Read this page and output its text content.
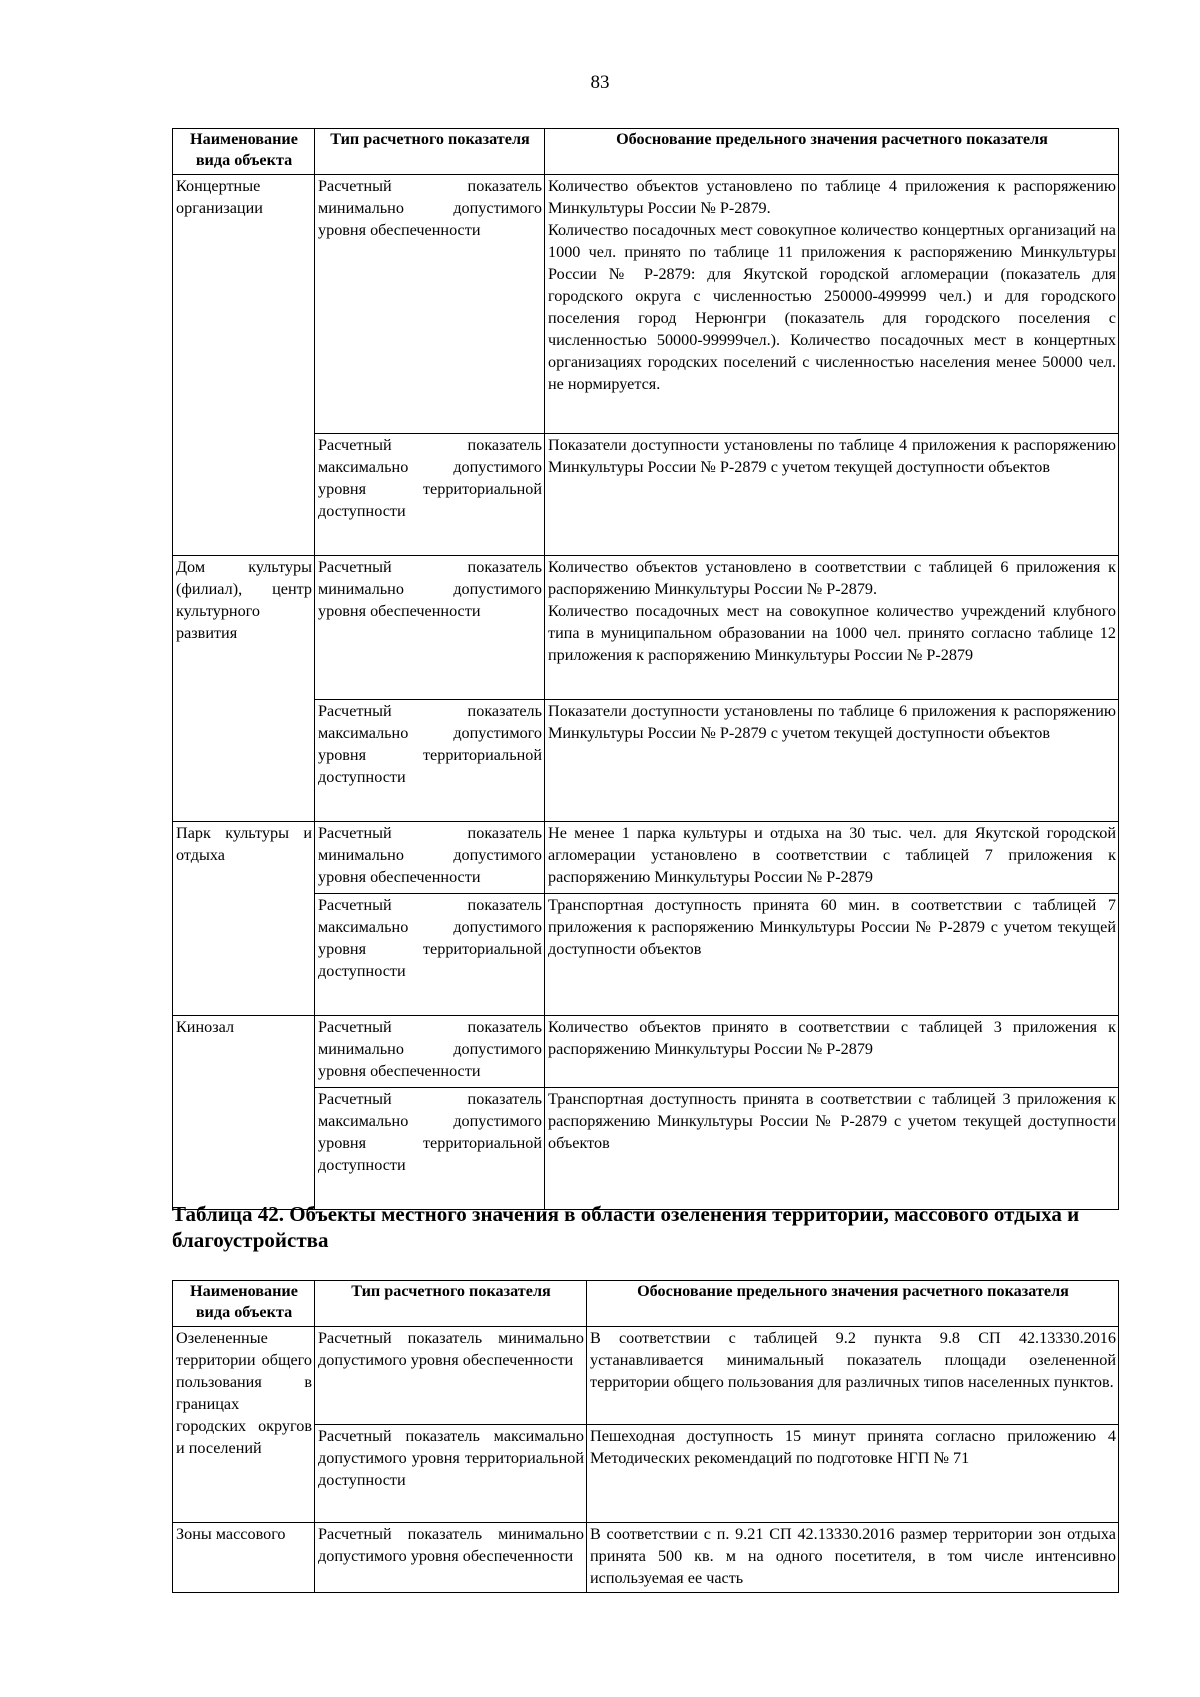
83
Наименование вида объекта	Тип расчетного показателя	Обоснование предельного значения расчетного показателя
Концертные организации	Расчетный показатель минимально допустимого уровня обеспеченности	Количество объектов установлено по таблице 4 приложения к распоряжению Минкультуры России № Р-2879.
Количество посадочных мест совокупное количество концертных организаций на 1000 чел. принято по таблице 11 приложения к распоряжению Минкультуры России № Р-2879: для Якутской городской агломерации (показатель для городского округа с численностью 250000-499999 чел.) и для городского поселения город Нерюнгри (показатель для городского поселения с численностью 50000-99999чел.). Количество посадочных мест в концертных организациях городских поселений с численностью населения менее 50000 чел. не нормируется.

	Расчетный показатель максимально допустимого уровня территориальной доступности	Показатели доступности установлены по таблице 4 приложения к распоряжению Минкультуры России № Р-2879 с учетом текущей доступности объектов
Дом культуры (филиал), центр культурного развития	Расчетный показатель минимально допустимого уровня обеспеченности	Количество объектов установлено в соответствии с таблицей 6 приложения к распоряжению Минкультуры России № Р-2879.
Количество посадочных мест на совокупное количество учреждений клубного типа в муниципальном образовании на 1000 чел. принято согласно таблице 12 приложения к распоряжению Минкультуры России № Р-2879

	Расчетный показатель максимально допустимого уровня территориальной доступности	Показатели доступности установлены по таблице 6 приложения к распоряжению Минкультуры России № Р-2879 с учетом текущей доступности объектов
Парк культуры и отдыха	Расчетный показатель минимально допустимого уровня обеспеченности	Не менее 1 парка культуры и отдыха на 30 тыс. чел. для Якутской городской агломерации установлено в соответствии с таблицей 7 приложения к распоряжению Минкультуры России № Р-2879
	Расчетный показатель максимально допустимого уровня территориальной доступности	Транспортная доступность принята 60 мин. в соответствии с таблицей 7 приложения к распоряжению Минкультуры России № Р-2879 с учетом текущей доступности объектов
Кинозал	Расчетный показатель минимально допустимого уровня обеспеченности	Количество объектов принято в соответствии с таблицей 3 приложения к распоряжению Минкультуры России № Р-2879
	Расчетный показатель максимально допустимого уровня территориальной доступности	Транспортная доступность принята в соответствии с таблицей 3 приложения к распоряжению Минкультуры России № Р-2879 с учетом текущей доступности объектов
Таблица 42. Объекты местного значения в области озеленения территории, массового отдыха и благоустройства
Наименование вида объекта	Тип расчетного показателя	Обоснование предельного значения расчетного показателя
Озелененные территории общего пользования в границах городских округов и поселений	Расчетный показатель минимально допустимого уровня обеспеченности	В соответствии с таблицей 9.2 пункта 9.8 СП 42.13330.2016 устанавливается минимальный показатель площади озелененной территории общего пользования для различных типов населенных пунктов.
	Расчетный показатель максимально допустимого уровня территориальной доступности	Пешеходная доступность 15 минут принята согласно приложению 4 Методических рекомендаций по подготовке НГП № 71
Зоны массового	Расчетный показатель минимально допустимого уровня обеспеченности	В соответствии с п. 9.21 СП 42.13330.2016 размер территории зон отдыха принята 500 кв. м на одного посетителя, в том числе интенсивно используемая ее часть
